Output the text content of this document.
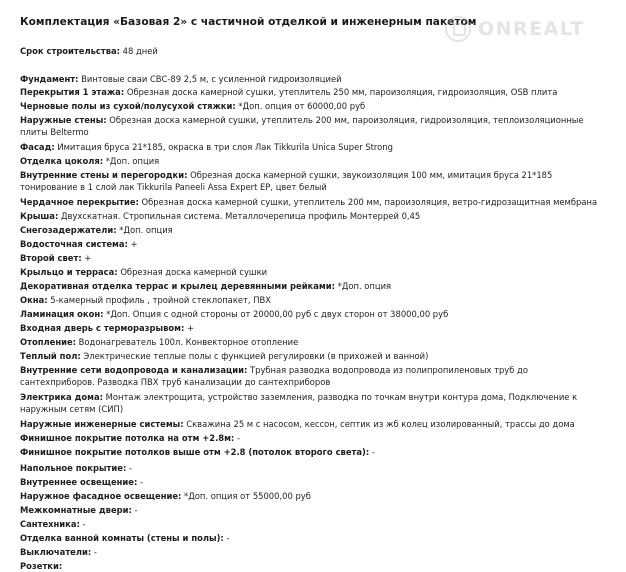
Комплектация «Базовая 2» с частичной отделкой и инженерным пакетом ONREALT
Срок строительства: 48 дней
Фундамент: Винтовые сваи СВС-89 2,5 м, с усиленной гидроизоляцией
Перекрытия 1 этажа: Обрезная доска камерной сушки, утеплитель 250 мм, пароизоляция, гидроизоляция, OSB плита
Черновые полы из сухой/полусухой стяжки: *Доп. опция от 60000,00 руб
Наружные стены: Обрезная доска камерной сушки, утеплитель 200 мм, пароизоляция, гидроизоляция, теплоизоляционные плиты Beltermo
Фасад: Имитация бруса 21*185, окраска в три слоя Лак Tikkurila Unica Super Strong
Отделка цоколя: *Доп. опция
Внутренние стены и перегородки: Обрезная доска камерной сушки, звукоизоляция 100 мм, имитация бруса 21*185 тонирование в 1 слой лак Tikkurila Paneeli Assa Expert EP, цвет белый
Чердачное перекрытие: Обрезная доска камерной сушки, утеплитель 200 мм, пароизоляция, ветро-гидрозащитная мембрана
Крыша: Двухскатная. Стропильная система. Металлочерепица профиль Монтеррей 0,45
Снегозадержатели: *Доп. опция
Водосточная система: +
Второй свет: +
Крыльцо и терраса: Обрезная доска камерной сушки
Декоративная отделка террас и крылец деревянными рейками: *Доп. опция
Окна: 5-камерный профиль , тройной стеклопакет, ПВХ
Ламинация окон: *Доп. Опция с одной стороны от 20000,00 руб с двух сторон от 38000,00 руб
Входная дверь с терморазрывом: +
Отопление: Водонагреватель 100л. Конвекторное отопление
Теплый пол: Электрические теплые полы с функцией регулировки (в прихожей и ванной)
Внутренние сети водопровода и канализации: Трубная разводка водопровода из полипропиленовых труб до сантехприборов. Разводка ПВХ труб канализации до сантехприборов
Электрика дома: Монтаж электрощита, устройство заземления, разводка по точкам внутри контура дома, Подключение к наружным сетям (СИП)
Наружные инженерные системы: Скважина 25 м с насосом, кессон, септик из жб колец изолированный, трассы до дома
Финишное покрытие потолка на отм +2.8м: -
Финишное покрытие потолков выше отм +2.8 (потолок второго света): -
Напольное покрытие: -
Внутреннее освещение: -
Наружное фасадное освещение: *Доп. опция от 55000,00 руб
Межкомнатные двери: -
Сантехника: -
Отделка ванной комнаты (стены и полы): -
Выключатели: -
Розетки:
